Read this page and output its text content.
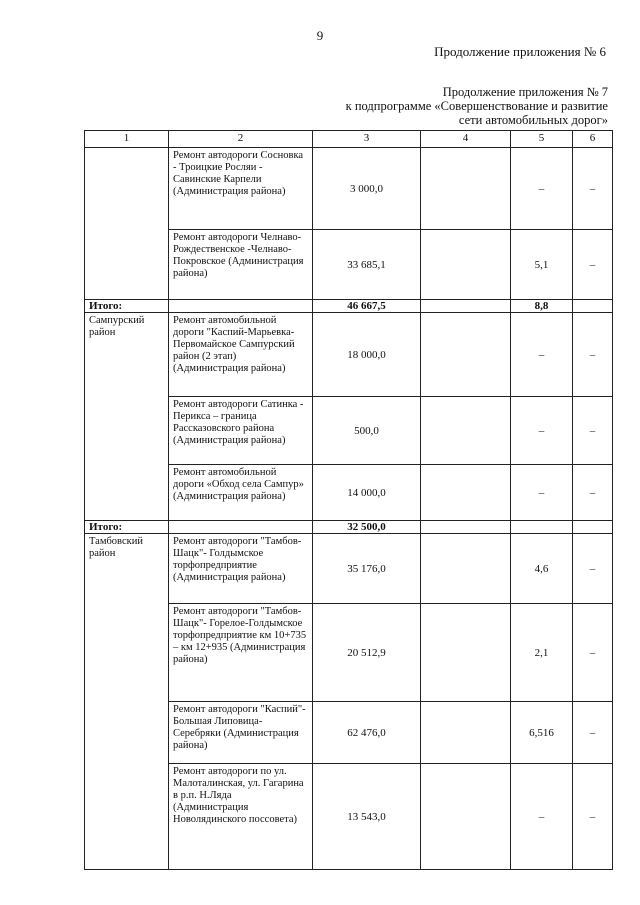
9
Продолжение приложения № 6
Продолжение приложения № 7
к подпрограмме «Совершенствование и развитие
сети автомобильных дорог»
1	2	3	4	5	6
	Ремонт автодороги Сосновка - Троицкие Росляи - Савинские Карпели (Администрация района)	3 000,0		–	–
	Ремонт автодороги Челнаво- Рождественское -Челнаво-Покровское (Администрация района)	33 685,1		5,1	–
Итого:		46 667,5		8,8	
Сампурский район	Ремонт автомобильной дороги "Каспий-Марьевка-Первомайское Сампурский район (2 этап) (Администрация района)	18 000,0		–	–
	Ремонт автодороги Сатинка - Перикса – граница Рассказовского района (Администрация района)	500,0		–	–
	Ремонт автомобильной дороги «Обход села Сампур» (Администрация района)	14 000,0		–	–
Итого:		32 500,0			
Тамбовский район	Ремонт автодороги "Тамбов-Шацк"- Голдымское торфопредприятие (Администрация района)	35 176,0		4,6	–
	Ремонт автодороги "Тамбов-Шацк"- Горелое-Голдымское торфопредприятие км 10+735 – км 12+935 (Администрация района)	20 512,9		2,1	–
	Ремонт автодороги "Каспий"-Большая Липовица-Серебряки (Администрация района)	62 476,0		6,516	–
	Ремонт автодороги по ул. Малоталинская, ул. Гагарина в р.п. Н.Ляда (Администрация Новолядинского поссовета)	13 543,0		–	–
